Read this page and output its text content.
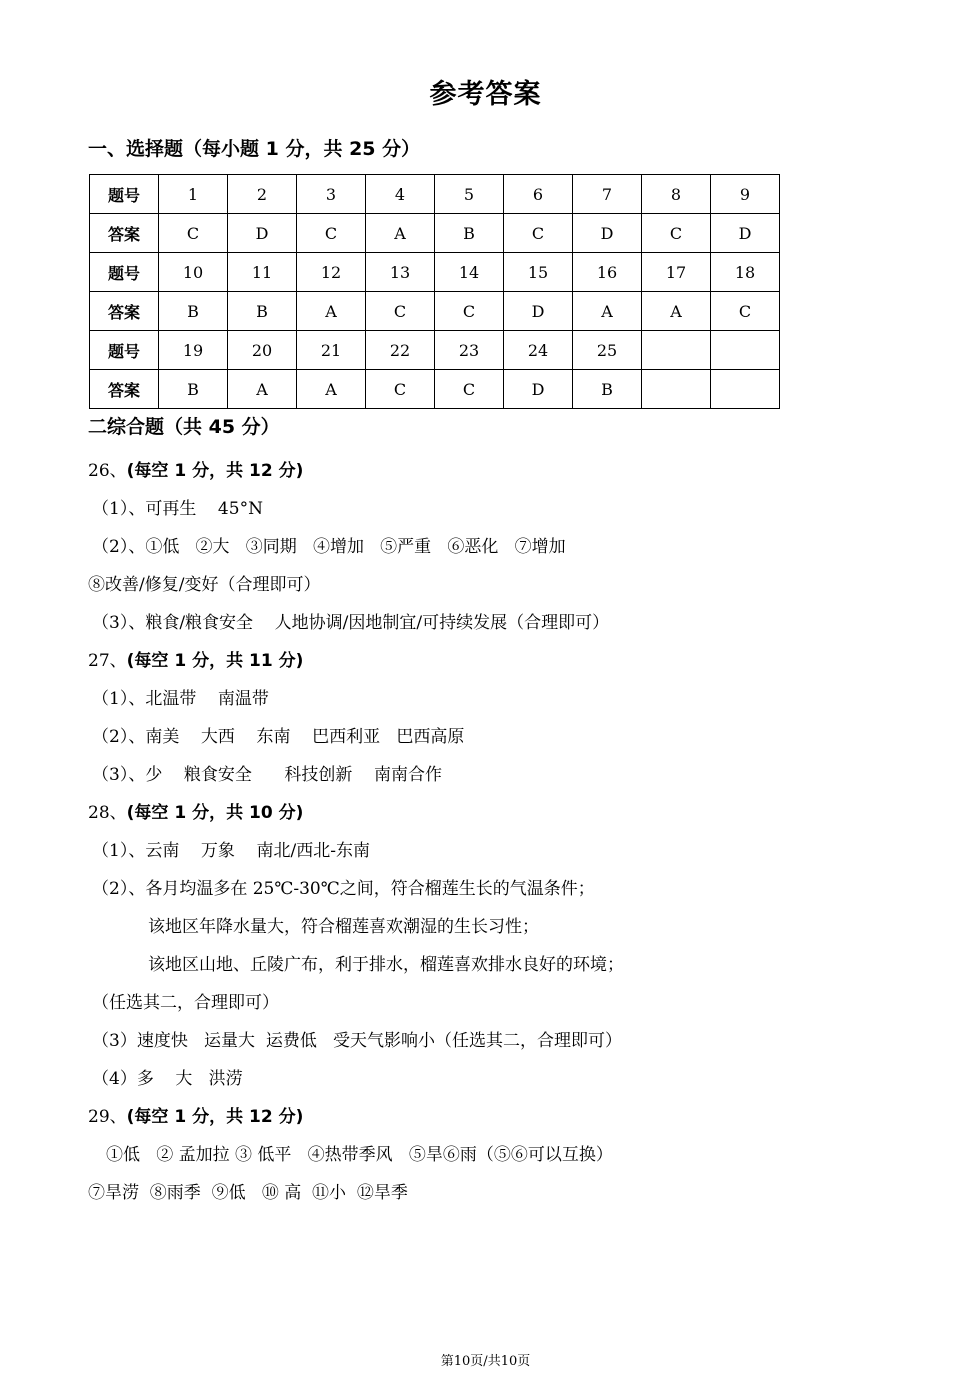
参考答案
一、选择题（每小题 1 分，共 25 分）
题号	1	2	3	4	5	6	7	8	9
答案	C	D	C	A	B	C	D	C	D
题号	10	11	12	13	14	15	16	17	18
答案	B	B	A	C	C	D	A	A	C
题号	19	20	21	22	23	24	25		
答案	B	A	A	C	C	D	B		
二综合题（共 45 分）
26、(每空 1 分，共 12 分)
（1）、可再生    45°N
（2）、①低   ②大   ③同期   ④增加   ⑤严重   ⑥恶化   ⑦增加
⑧改善/修复/变好（合理即可）
（3）、粮食/粮食安全    人地协调/因地制宜/可持续发展（合理即可）
27、(每空 1 分，共 11 分)
（1）、北温带    南温带
（2）、南美    大西    东南    巴西利亚   巴西高原
（3）、少    粮食安全      科技创新    南南合作
28、(每空 1 分，共 10 分)
（1）、云南    万象    南北/西北-东南
（2）、各月均温多在 25℃-30℃之间，符合榴莲生长的气温条件；
该地区年降水量大，符合榴莲喜欢潮湿的生长习性；
该地区山地、丘陵广布，利于排水，榴莲喜欢排水良好的环境；
（任选其二，合理即可）
（3）速度快   运量大  运费低   受天气影响小（任选其二，合理即可）
（4）多    大   洪涝
29、(每空 1 分，共 12 分)
①低   ② 孟加拉 ③ 低平   ④热带季风   ⑤旱⑥雨（⑤⑥可以互换）
⑦旱涝  ⑧雨季  ⑨低   ⑩ 高  ⑪小  ⑫旱季
第10页/共10页
